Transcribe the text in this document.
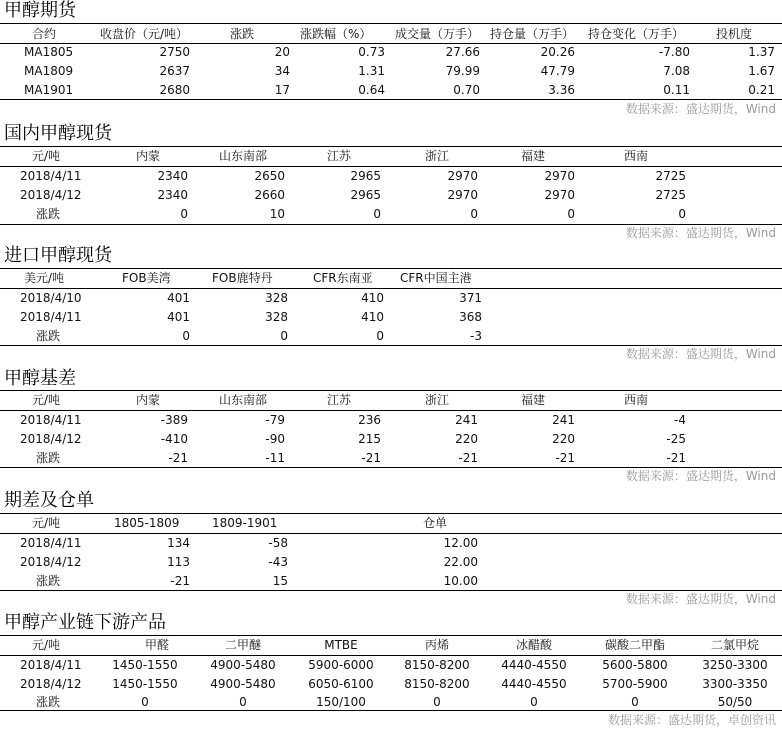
甲醇期货
合约	收盘价（元/吨）	涨跌	涨跌幅（%） 成交量（万手） 持仓量（万手） 持仓变化（万手）	投机度
MA1805	2750	20	0.73	27.66	20.26	-7.80	1.37
MA1809	2637	34	1.31	79.99	47.79	7.08	1.67
MA1901	2680	17	0.64	0.70	3.36	0.11	0.21
数据来源：盛达期货，Wind
国内甲醇现货
元/吨	内蒙	山东南部	江苏	浙江	福建	西南
2018/4/11	2340	2650	2965	2970	2970	2725
2018/4/12	2340	2660	2965	2970	2970	2725
涨跌	0	10	0	0	0	0
数据来源：盛达期货，Wind
进口甲醇现货
美元/吨	FOB美湾	FOB鹿特丹	CFR东南亚 CFR中国主港
2018/4/10	401	328	410	371
2018/4/11	401	328	410	368
涨跌	0	0	0	-3
数据来源：盛达期货，Wind
甲醇基差
元/吨	内蒙	山东南部	江苏	浙江	福建	西南
2018/4/11	-389	-79	236	241	241	-4
2018/4/12	-410	-90	215	220	220	-25
涨跌	-21	-11	-21	-21	-21	-21
数据来源：盛达期货，Wind
期差及仓单
元/吨	1805-1809	1809-1901	仓单
2018/4/11	134	-58	12.00
2018/4/12	113	-43	22.00
涨跌	-21	15	10.00
数据来源：盛达期货，Wind
甲醇产业链下游产品
元/吨	甲醛	二甲醚	MTBE	丙烯	冰醋酸	碳酸二甲酯	二氯甲烷
2018/4/11	1450-1550	4900-5480	5900-6000	8150-8200	4440-4550	5600-5800	3250-3300
2018/4/12	1450-1550	4900-5480	6050-6100	8150-8200	4440-4550	5700-5900	3300-3350
涨跌	0	0	150/100	0	0	0	50/50
数据来源：盛达期货，卓创资讯
